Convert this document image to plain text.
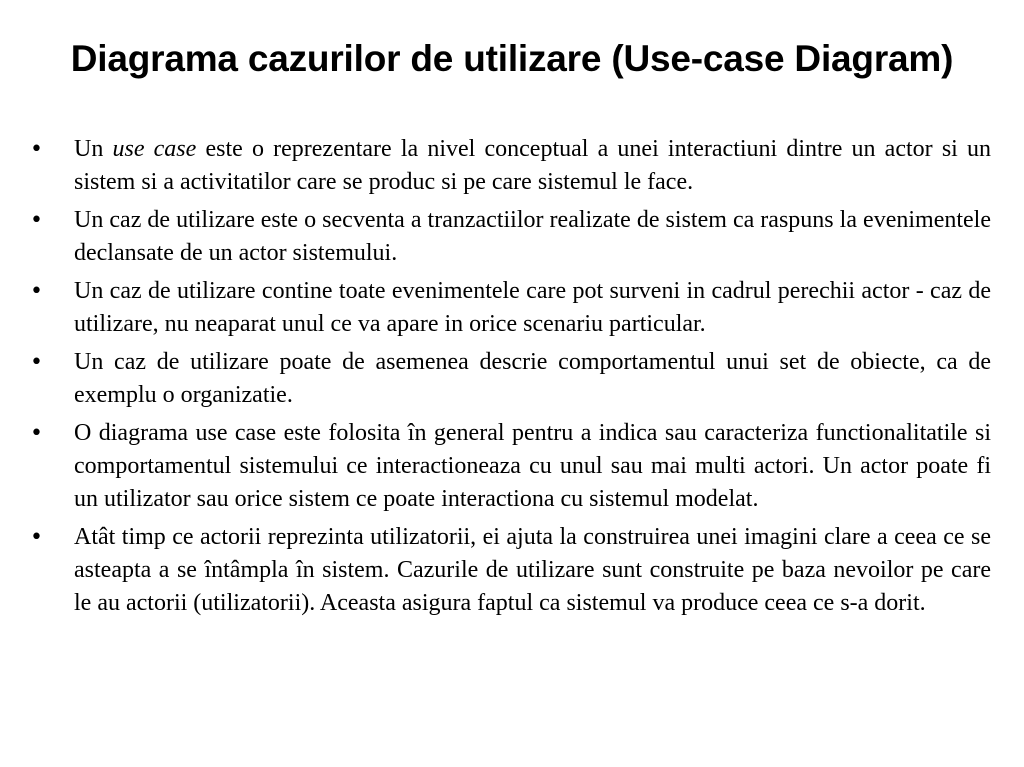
Diagrama cazurilor de utilizare (Use-case Diagram)
• Un use case este o reprezentare la nivel conceptual a unei interactiuni dintre un actor si un sistem si a activitatilor care se produc si pe care sistemul le face.
• Un caz de utilizare este o secventa a tranzactiilor realizate de sistem ca raspuns la evenimentele declansate de un actor sistemului.
• Un caz de utilizare contine toate evenimentele care pot surveni in cadrul perechii actor - caz de utilizare, nu neaparat unul ce va apare in orice scenariu particular.
• Un caz de utilizare poate de asemenea descrie comportamentul unui set de obiecte, ca de exemplu o organizatie.
• O diagrama use case este folosita în general pentru a indica sau caracteriza functionalitatile si comportamentul sistemului ce interactioneaza cu unul sau mai multi actori. Un actor poate fi un utilizator sau orice sistem ce poate interactiona cu sistemul modelat.
• Atât timp ce actorii reprezinta utilizatorii, ei ajuta la construirea unei imagini clare a ceea ce se asteapta a se întâmpla în sistem. Cazurile de utilizare sunt construite pe baza nevoilor pe care le au actorii (utilizatorii). Aceasta asigura faptul ca sistemul va produce ceea ce s-a dorit.
